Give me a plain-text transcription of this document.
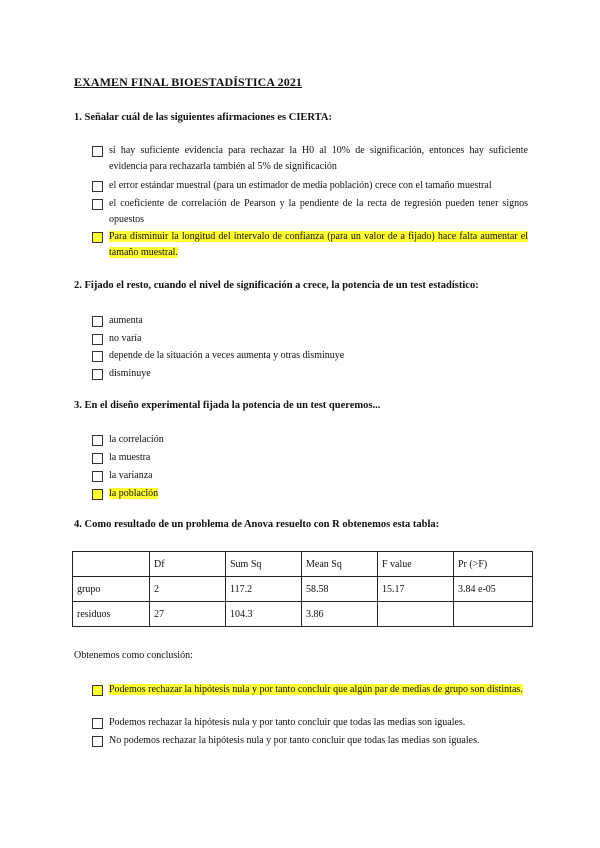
EXAMEN FINAL BIOESTADÍSTICA 2021
1. Señalar cuál de las siguientes afirmaciones es CIERTA:
si hay suficiente evidencia para rechazar la H0 al 10% de significación, entonces hay suficiente evidencia para rechazarla también al 5% de significación
el error estándar muestral (para un estimador de media población) crece con el tamaño muestral
el coeficiente de correlación de Pearson y la pendiente de la recta de regresión pueden tener signos opuestos
Para disminuir la longitud del intervalo de confianza (para un valor de a fijado) hace falta aumentar el tamaño muestral.
2. Fijado el resto, cuando el nivel de significación a crece, la potencia de un test estadístico:
aumenta
no varía
depende de la situación a veces aumenta y otras disminuye
disminuye
3. En el diseño experimental fijada la potencia de un test queremos...
la correlación
la muestra
la varianza
la población
4. Como resultado de un problema de Anova resuelto con R obtenemos esta tabla:
	Df	Sum Sq	Mean Sq	F value	Pr (>F)
grupo	2	117.2	58.58	15.17	3.84 e-05
residuos	27	104.3	3.86		
Obtenemos como conclusión:
Podemos rechazar la hipótesis nula y por tanto concluir que algún par de medias de grupo son distintas.
Podemos rechazar la hipótesis nula y por tanto concluir que todas las medias son iguales.
No podemos rechazar la hipótesis nula y por tanto concluir que todas las medias son iguales.
